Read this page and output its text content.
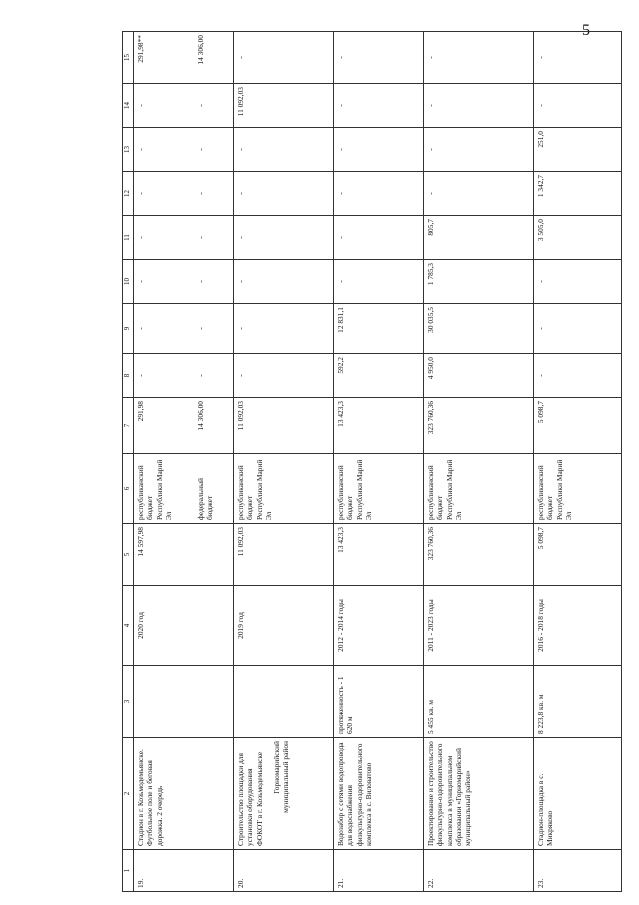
5
1	2	3	4	5	6	7	8	9	10	11	12	13	14	15
19.	Стадион в г. Козьмодемьянске. Футбольное поле и беговая дорожка. 2 очередь		2020 год	14 597,98	республиканский бюджет Республики Марий Эл	291,98	-	-	-	-	-	-	-	291,98**
					федеральный бюджет	14 306,00	-	-	-	-	-	-	-	14 306,00
20.	Строительство площадки для установки оборудования ФОКОТ в г. Козьмодемьянске Горномарийский муниципальный район		2019 год	11 092,03	республиканский бюджет Республики Марий Эл	11 092,03	-	-	-	-	-	-	11 092,03	-
21.	Водозабор с сетями водопровода для водоснабжения физкультурно-оздоровительного комплекса в с. Виловатово	протяженность - 1 620 м	2012 - 2014 годы	13 423,3	республиканский бюджет Республики Марий Эл	13 423,3	592,2	12 831,1	-	-	-	-	-	-
22.	Проектирование и строительство физкультурно-оздоровительного комплекса в муниципальном образовании «Горномарийский муниципальный район»	5 455 кв. м	2011 - 2023 годы	323 760,36	республиканский бюджет Республики Марий Эл	323 760,36	4 950,0	30 035,5	1 785,3	805,7	-	-	-	-
23.	Стадион-площадка в с. Микряково	8 223,8 кв. м	2016 - 2018 годы	5 098,7	республиканский бюджет Республики Марий Эл	5 098,7	-	-	-	3 505,0	1 342,7	251,0	-	-
